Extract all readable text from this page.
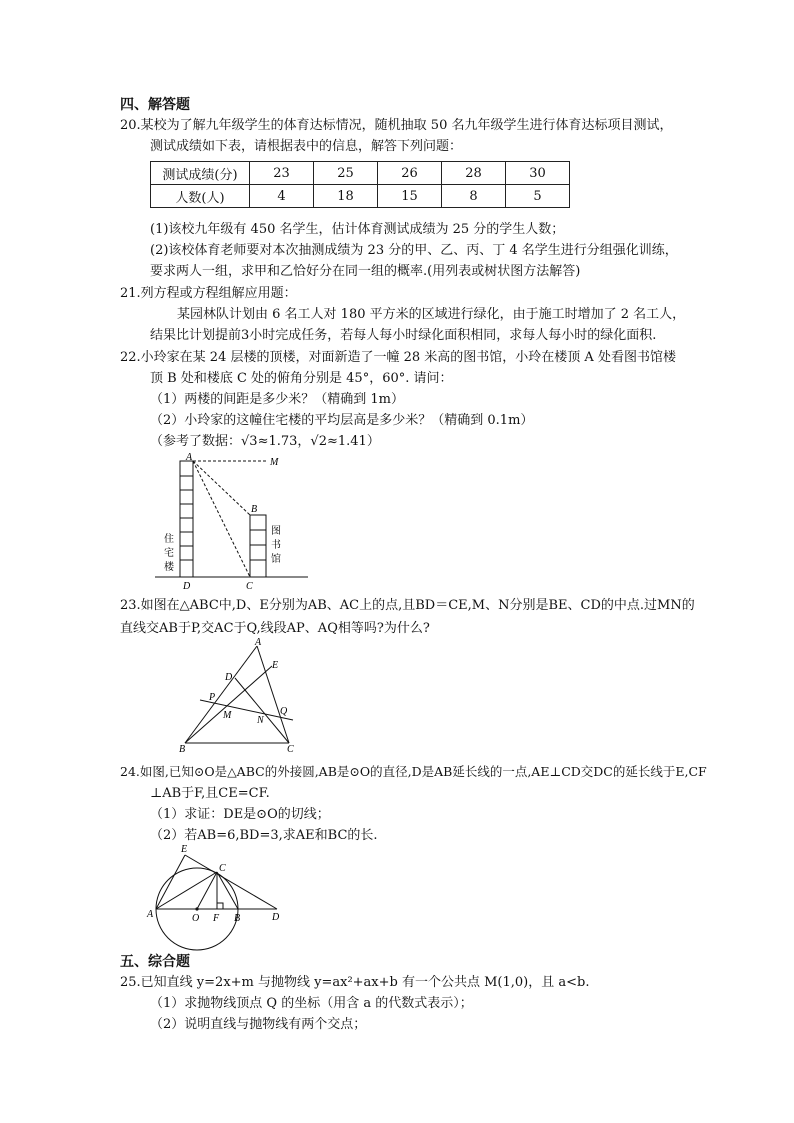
四、解答题
20.某校为了解九年级学生的体育达标情况，随机抽取 50 名九年级学生进行体育达标项目测试，
测试成绩如下表，请根据表中的信息，解答下列问题：
测试成绩(分)	23	25	26	28	30
人数(人)	4	18	15	8	5
(1)该校九年级有 450 名学生，估计体育测试成绩为 25 分的学生人数；
(2)该校体育老师要对本次抽测成绩为 23 分的甲、乙、丙、丁 4 名学生进行分组强化训练，
要求两人一组，求甲和乙恰好分在同一组的概率.(用列表或树状图方法解答)
21.列方程或方程组解应用题：
某园林队计划由 6 名工人对 180 平方米的区域进行绿化，由于施工时增加了 2 名工人，
结果比计划提前3小时完成任务，若每人每小时绿化面积相同，求每人每小时的绿化面积.
22.小玲家在某 24 层楼的顶楼，对面新造了一幢 28 米高的图书馆，小玲在楼顶 A 处看图书馆楼
顶 B 处和楼底 C 处的俯角分别是 45°，60°. 请问：
（1）两楼的间距是多少米？（精确到 1m）
（2）小玲家的这幢住宅楼的平均层高是多少米？（精确到 0.1m）
（参考了数据：√3≈1.73，√2≈1.41）
A	M
B
C
D
住
宅
楼
图
书
馆
23.如图在△ABC中,D、E分别为AB、AC上的点,且BD＝CE,M、N分别是BE、CD的中点.过MN的
直线交AB于P,交AC于Q,线段AP、AQ相等吗?为什么?
A
D
E
P
M	N
Q
B	C
24.如图,已知⊙O是△ABC的外接圆,AB是⊙O的直径,D是AB延长线的一点,AE⊥CD交DC的延长线于E,CF
⊥AB于F,且CE=CF.
（1）求证：DE是⊙O的切线；
（2）若AB=6,BD=3,求AE和BC的长.
E
C
A	O F B	D
五、综合题
25.已知直线 y=2x+m 与抛物线 y=ax²+ax+b 有一个公共点 M(1,0)，且 a<b.
（1）求抛物线顶点 Q 的坐标（用含 a 的代数式表示）；
（2）说明直线与抛物线有两个交点；
